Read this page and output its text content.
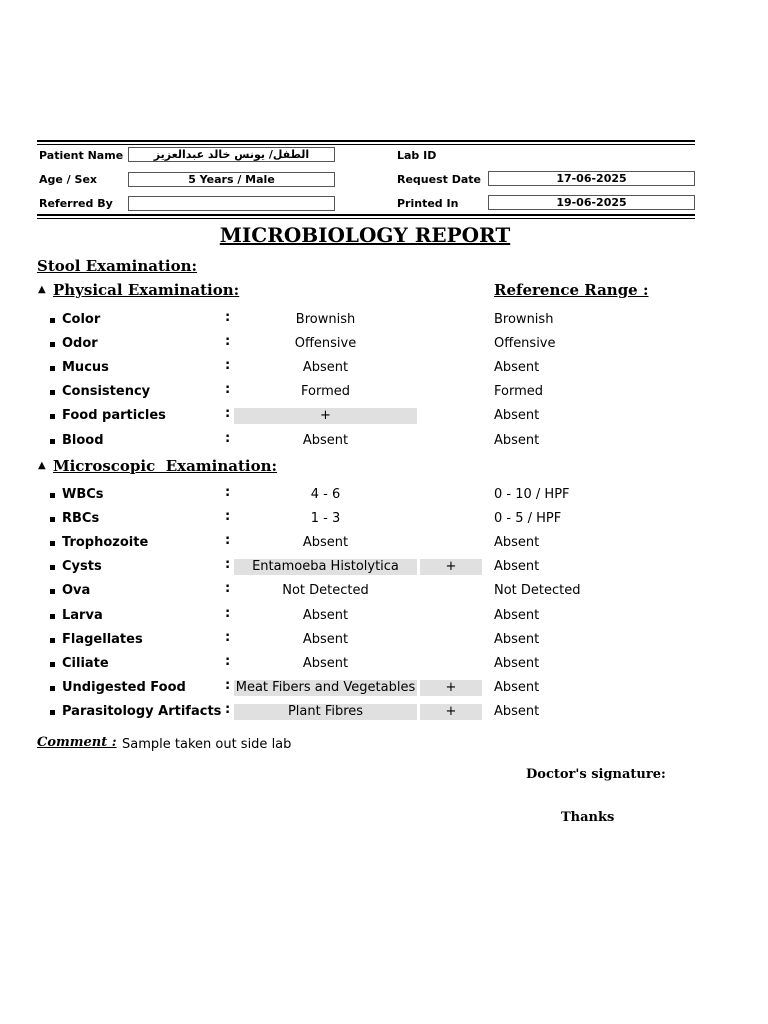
Patient Name	الطفل/ يونس خالد عبدالعزيز
Age / Sex	5 Years / Male
Referred By
Lab ID
Request Date	17-06-2025
Printed In	19-06-2025
MICROBIOLOGY REPORT
Stool Examination:
▲ Physical Examination:	Reference Range :
Color	:	Brownish	Brownish
Odor	:	Offensive	Offensive
Mucus	:	Absent	Absent
Consistency	:	Formed	Formed
Food particles	:	+	Absent
Blood	:	Absent	Absent
▲ Microscopic  Examination:
WBCs	:	4 - 6	0 - 10 / HPF
RBCs	:	1 - 3	0 - 5 / HPF
Trophozoite	:	Absent	Absent
Cysts	:	Entamoeba Histolytica	+	Absent
Ova	:	Not Detected	Not Detected
Larva	:	Absent	Absent
Flagellates	:	Absent	Absent
Ciliate	:	Absent	Absent
Undigested Food	: Meat Fibers and Vegetables	+	Absent
Parasitology Artifacts :	Plant Fibres	+	Absent
Comment : Sample taken out side lab
Doctor's signature:
Thanks
